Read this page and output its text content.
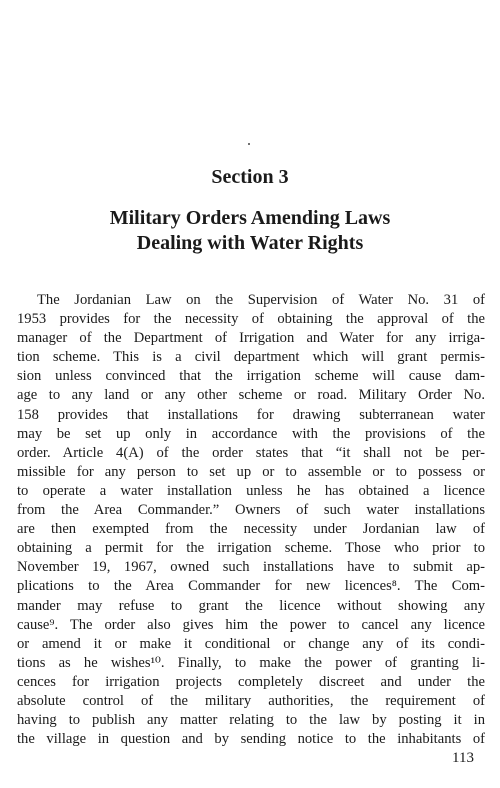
Section 3
Military Orders Amending Laws
Dealing with Water Rights
The Jordanian Law on the Supervision of Water No. 31 of
1953 provides for the necessity of obtaining the approval of the
manager of the Department of Irrigation and Water for any irriga-
tion scheme. This is a civil department which will grant permis-
sion unless convinced that the irrigation scheme will cause dam-
age to any land or any other scheme or road. Military Order No.
158 provides that installations for drawing subterranean water
may be set up only in accordance with the provisions of the
order. Article 4(A) of the order states that “it shall not be per-
missible for any person to set up or to assemble or to possess or
to operate a water installation unless he has obtained a licence
from the Area Commander.” Owners of such water installations
are then exempted from the necessity under Jordanian law of
obtaining a permit for the irrigation scheme. Those who prior to
November 19, 1967, owned such installations have to submit ap-
plications to the Area Commander for new licences⁸. The Com-
mander may refuse to grant the licence without showing any
cause⁹. The order also gives him the power to cancel any licence
or amend it or make it conditional or change any of its condi-
tions as he wishes¹⁰. Finally, to make the power of granting li-
cences for irrigation projects completely discreet and under the
absolute control of the military authorities, the requirement of
having to publish any matter relating to the law by posting it in
the village in question and by sending notice to the inhabitants of
113
